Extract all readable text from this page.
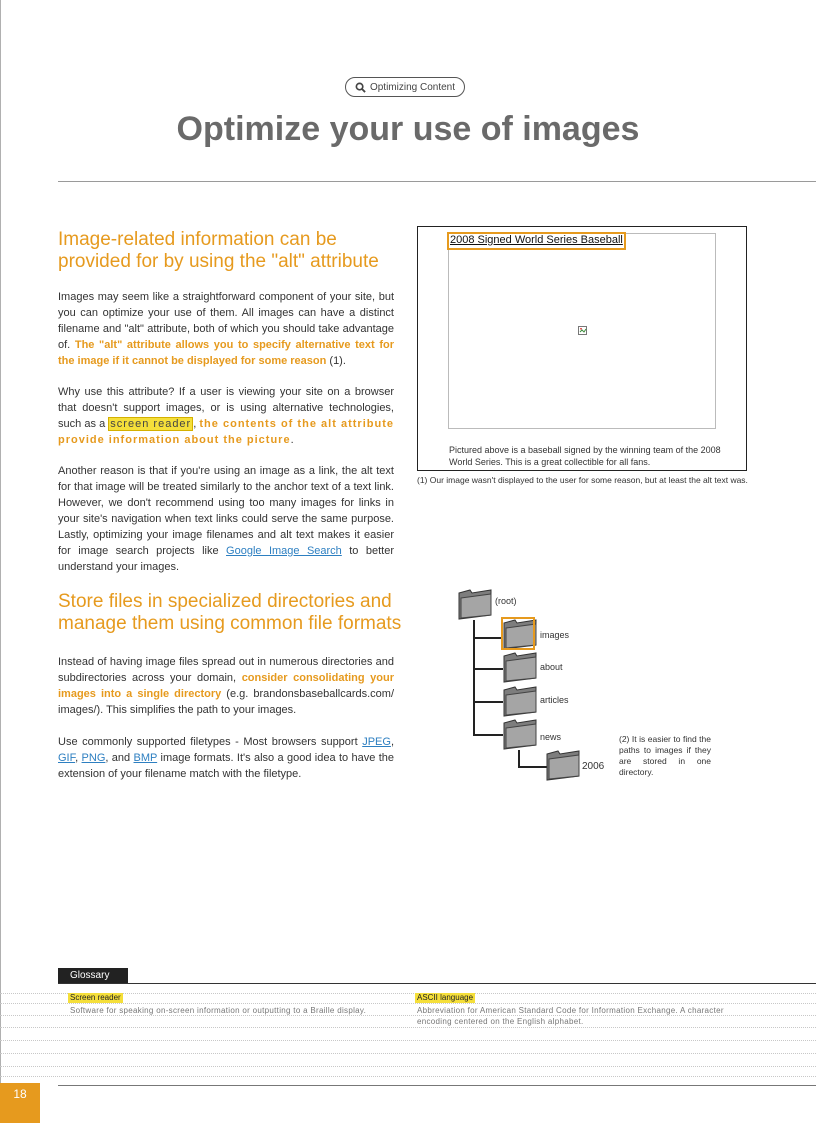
Optimizing Content
Optimize your use of images
Image-related information can be provided for by using the "alt" attribute

Images may seem like a straightforward component of your site, but you can optimize your use of them. All images can have a distinct filename and "alt" attribute, both of which you should take advantage of. The "alt" attribute allows you to specify alternative text for the image if it cannot be displayed for some reason (1).

Why use this attribute? If a user is viewing your site on a browser that doesn't support images, or is using alternative technologies, such as a screen reader , the contents of the alt attribute provide information about the picture.

Another reason is that if you're using an image as a link, the alt text for that image will be treated similarly to the anchor text of a text link. However, we don't recommend using too many images for links in your site's navigation when text links could serve the same purpose. Lastly, optimizing your image filenames and alt text makes it easier for image search projects like Google Image Search to better understand your images.

2008 Signed World Series Baseball

Pictured above is a baseball signed by the winning team of the 2008 World Series. This is a great collectible for all fans.

(1) Our image wasn't displayed to the user for some reason, but at least the alt text was.

Store files in specialized directories and manage them using common file formats

Instead of having image files spread out in numerous directories and subdirectories across your domain, consider consolidating your images into a single directory (e.g. brandonsbaseballcards.com/ images/). This simplifies the path to your images.

Use commonly supported filetypes - Most browsers support JPEG, GIF, PNG, and BMP image formats. It's also a good idea to have the extension of your filename match with the filetype.

(root)

images

about

articles

news

2006

(2) It is easier to find the paths to images if they are stored in one directory.

Glossary
Screen reader

Software for speaking on-screen information or outputting to a Braille display.

ASCII language

Abbreviation for American Standard Code for Information Exchange. A character encoding centered on the English alphabet.

18
